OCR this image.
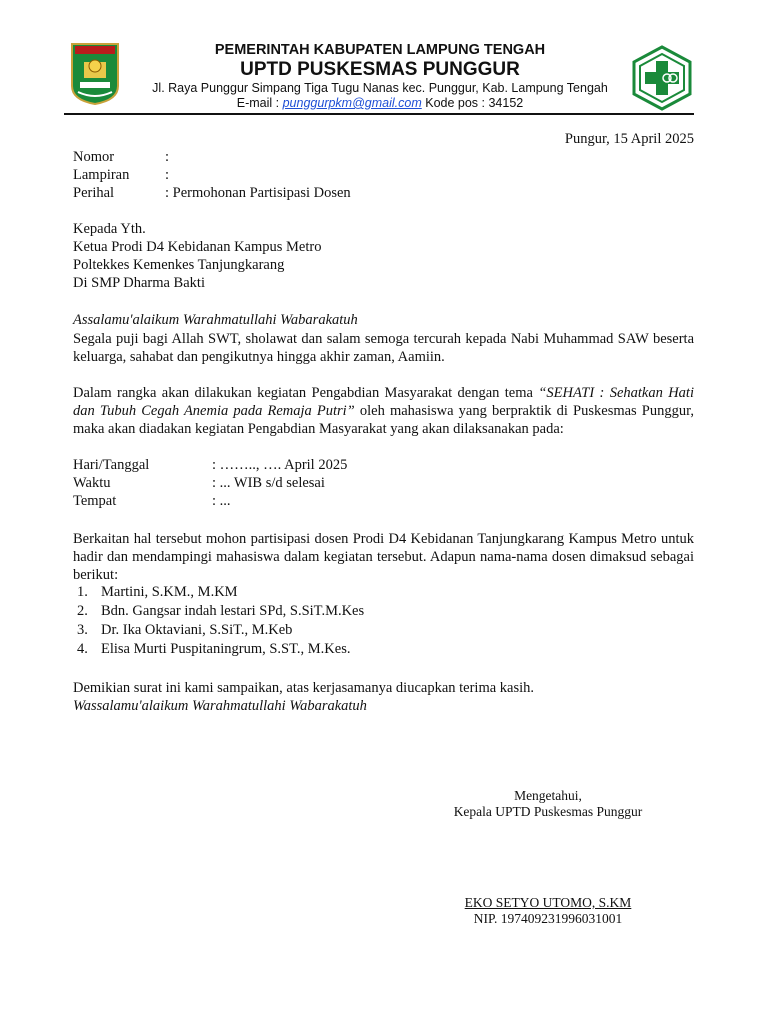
PEMERINTAH KABUPATEN LAMPUNG TENGAH
UPTD PUSKESMAS PUNGGUR
Jl. Raya Punggur Simpang Tiga Tugu Nanas kec. Punggur, Kab. Lampung Tengah
E-mail : punggurpkm@gmail.com Kode pos : 34152
Pungur, 15 April 2025
Nomor	:
Lampiran :
Perihal	: Permohonan Partisipasi Dosen
Kepada Yth.
Ketua Prodi D4 Kebidanan Kampus Metro
Poltekkes Kemenkes Tanjungkarang
Di SMP Dharma Bakti
Assalamu'alaikum Warahmatullahi Wabarakatuh
Segala puji bagi Allah SWT, sholawat dan salam semoga tercurah kepada Nabi Muhammad SAW beserta keluarga, sahabat dan pengikutnya hingga akhir zaman, Aamiin.
Dalam rangka akan dilakukan kegiatan Pengabdian Masyarakat dengan tema “SEHATI : Sehatkan Hati dan Tubuh Cegah Anemia pada Remaja Putri” oleh mahasiswa yang berpraktik di Puskesmas Punggur, maka akan diadakan kegiatan Pengabdian Masyarakat yang akan dilaksanakan pada:
Hari/Tanggal	: …….., …. April 2025
Waktu	: ... WIB s/d selesai
Tempat	: ...
Berkaitan hal tersebut mohon partisipasi dosen Prodi D4 Kebidanan Tanjungkarang Kampus Metro untuk hadir dan mendampingi mahasiswa dalam kegiatan tersebut. Adapun nama-nama dosen dimaksud sebagai berikut:
1. Martini, S.KM., M.KM
2. Bdn. Gangsar indah lestari SPd, S.SiT.M.Kes
3. Dr. Ika Oktaviani, S.SiT., M.Keb
4. Elisa Murti Puspitaningrum, S.ST., M.Kes.
Demikian surat ini kami sampaikan, atas kerjasamanya diucapkan terima kasih.
Wassalamu'alaikum Warahmatullahi Wabarakatuh
Mengetahui,
Kepala UPTD Puskesmas Punggur
EKO SETYO UTOMO, S.KM
NIP. 197409231996031001
